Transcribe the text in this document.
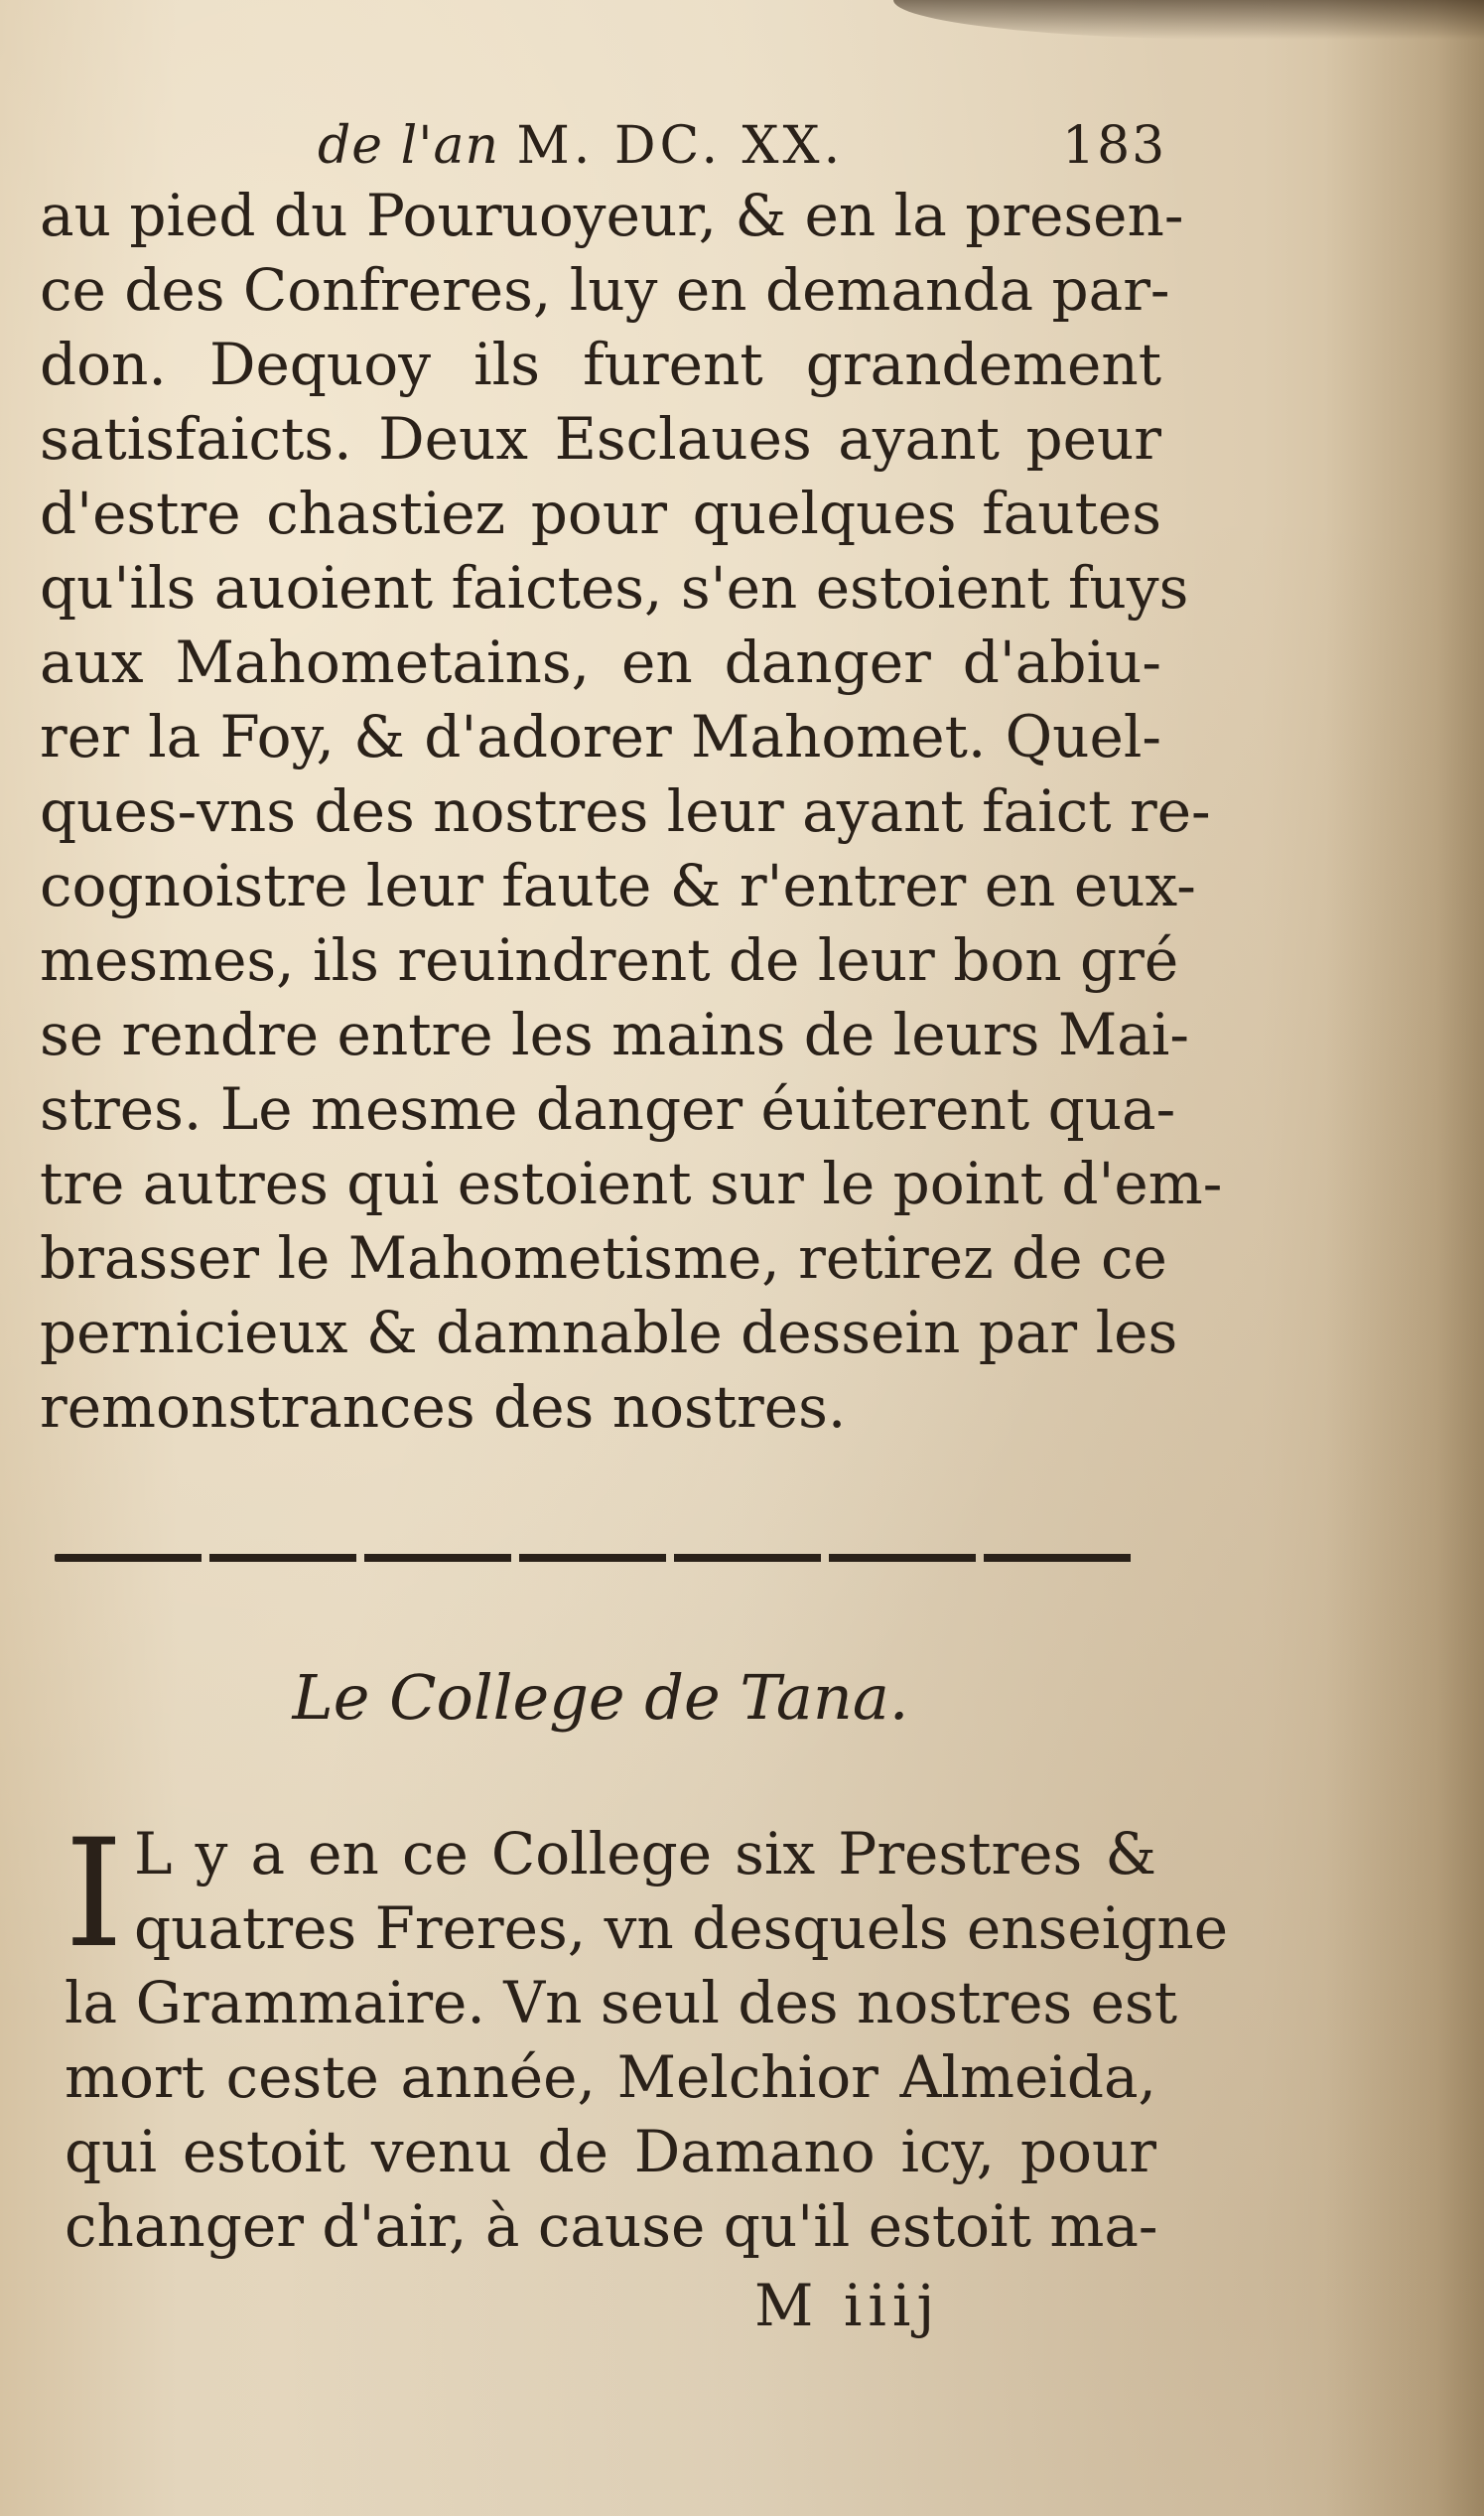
de l'an M. DC. XX.	183
au pied du Pouruoyeur, & en la presen-
ce des Confreres, luy en demanda par-
don. Dequoy ils furent grandement
satisfaicts. Deux Esclaues ayant peur
d'estre chastiez pour quelques fautes
qu'ils auoient faictes, s'en estoient fuys
aux Mahometains, en danger d'abiu-
rer la Foy, & d'adorer Mahomet. Quel-
ques-vns des nostres leur ayant faict re-
cognoistre leur faute & r'entrer en eux-
mesmes, ils reuindrent de leur bon gré
se rendre entre les mains de leurs Mai-
stres. Le mesme danger éuiterent qua-
tre autres qui estoient sur le point d'em-
brasser le Mahometisme, retirez de ce
pernicieux & damnable dessein par les
remonstrances des nostres.
Le College de Tana.
I L y a en ce College six Prestres &
quatres Freres, vn desquels enseigne
la Grammaire. Vn seul des nostres est
mort ceste année, Melchior Almeida,
qui estoit venu de Damano icy, pour
changer d'air, à cause qu'il estoit ma-
M iiij
